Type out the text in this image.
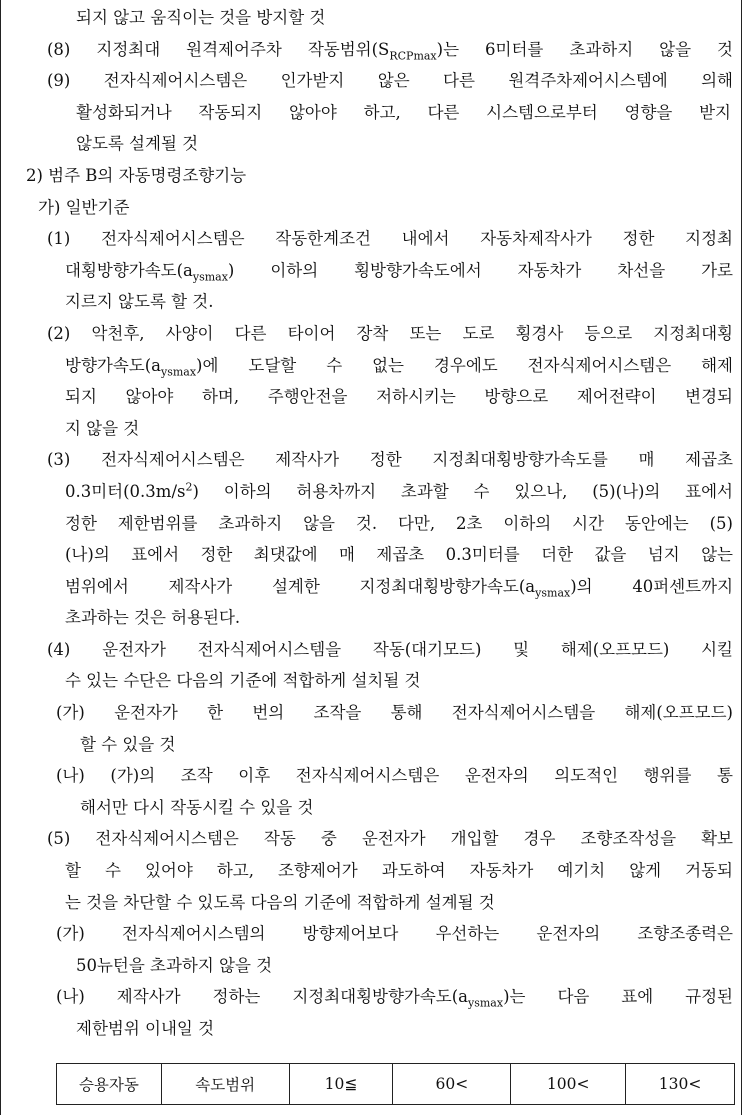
되지 않고 움직이는 것을 방지할 것
(8) 지정최대 원격제어주차 작동범위$(S_{RCPmax})$는 6미터를 초과하지 않을 것
(9) 전자식제어시스템은 인가받지 않은 다른 원격주차제어시스템에 의해
활성화되거나 작동되지 않아야 하고, 다른 시스템으로부터 영향을 받지
않도록 설계될 것
2) 범주 B의 자동명령조향기능
가) 일반기준
(1) 전자식제어시스템은 작동한계조건 내에서 자동차제작사가 정한 지정최
대횡방향가속도$(a_{ysmax})$ 이하의 횡방향가속도에서 자동차가 차선을 가로
지르지 않도록 할 것.
(2) 악천후, 사양이 다른 타이어 장착 또는 도로 횡경사 등으로 지정최대횡
방향가속도$(a_{ysmax})$에 도달할 수 없는 경우에도 전자식제어시스템은 해제
되지 않아야 하며, 주행안전을 저하시키는 방향으로 제어전략이 변경되
지 않을 것
(3) 전자식제어시스템은 제작사가 정한 지정최대횡방향가속도를 매 제곱초
0.3미터$(0.3m/s^2)$ 이하의 허용차까지 초과할 수 있으나, (5)(나)의 표에서
정한 제한범위를 초과하지 않을 것. 다만, 2초 이하의 시간 동안에는 (5)
(나)의 표에서 정한 최댓값에 매 제곱초 0.3미터를 더한 값을 넘지 않는
범위에서 제작사가 설계한 지정최대횡방향가속도$(a_{ysmax})$의 40퍼센트까지
초과하는 것은 허용된다.
(4) 운전자가 전자식제어시스템을 작동(대기모드) 및 해제(오프모드) 시킬
수 있는 수단은 다음의 기준에 적합하게 설치될 것
(가) 운전자가 한 번의 조작을 통해 전자식제어시스템을 해제(오프모드)
할 수 있을 것
(나) (가)의 조작 이후 전자식제어시스템은 운전자의 의도적인 행위를 통
해서만 다시 작동시킬 수 있을 것
(5) 전자식제어시스템은 작동 중 운전자가 개입할 경우 조향조작성을 확보
할 수 있어야 하고, 조향제어가 과도하여 자동차가 예기치 않게 거동되
는 것을 차단할 수 있도록 다음의 기준에 적합하게 설계될 것
(가) 전자식제어시스템의 방향제어보다 우선하는 운전자의 조향조종력은
50뉴턴을 초과하지 않을 것
(나) 제작사가 정하는 지정최대횡방향가속도$(a_{ysmax})$는 다음 표에 규정된
제한범위 이내일 것
승용자동	속도범위	10≦	60<	100<	130<
